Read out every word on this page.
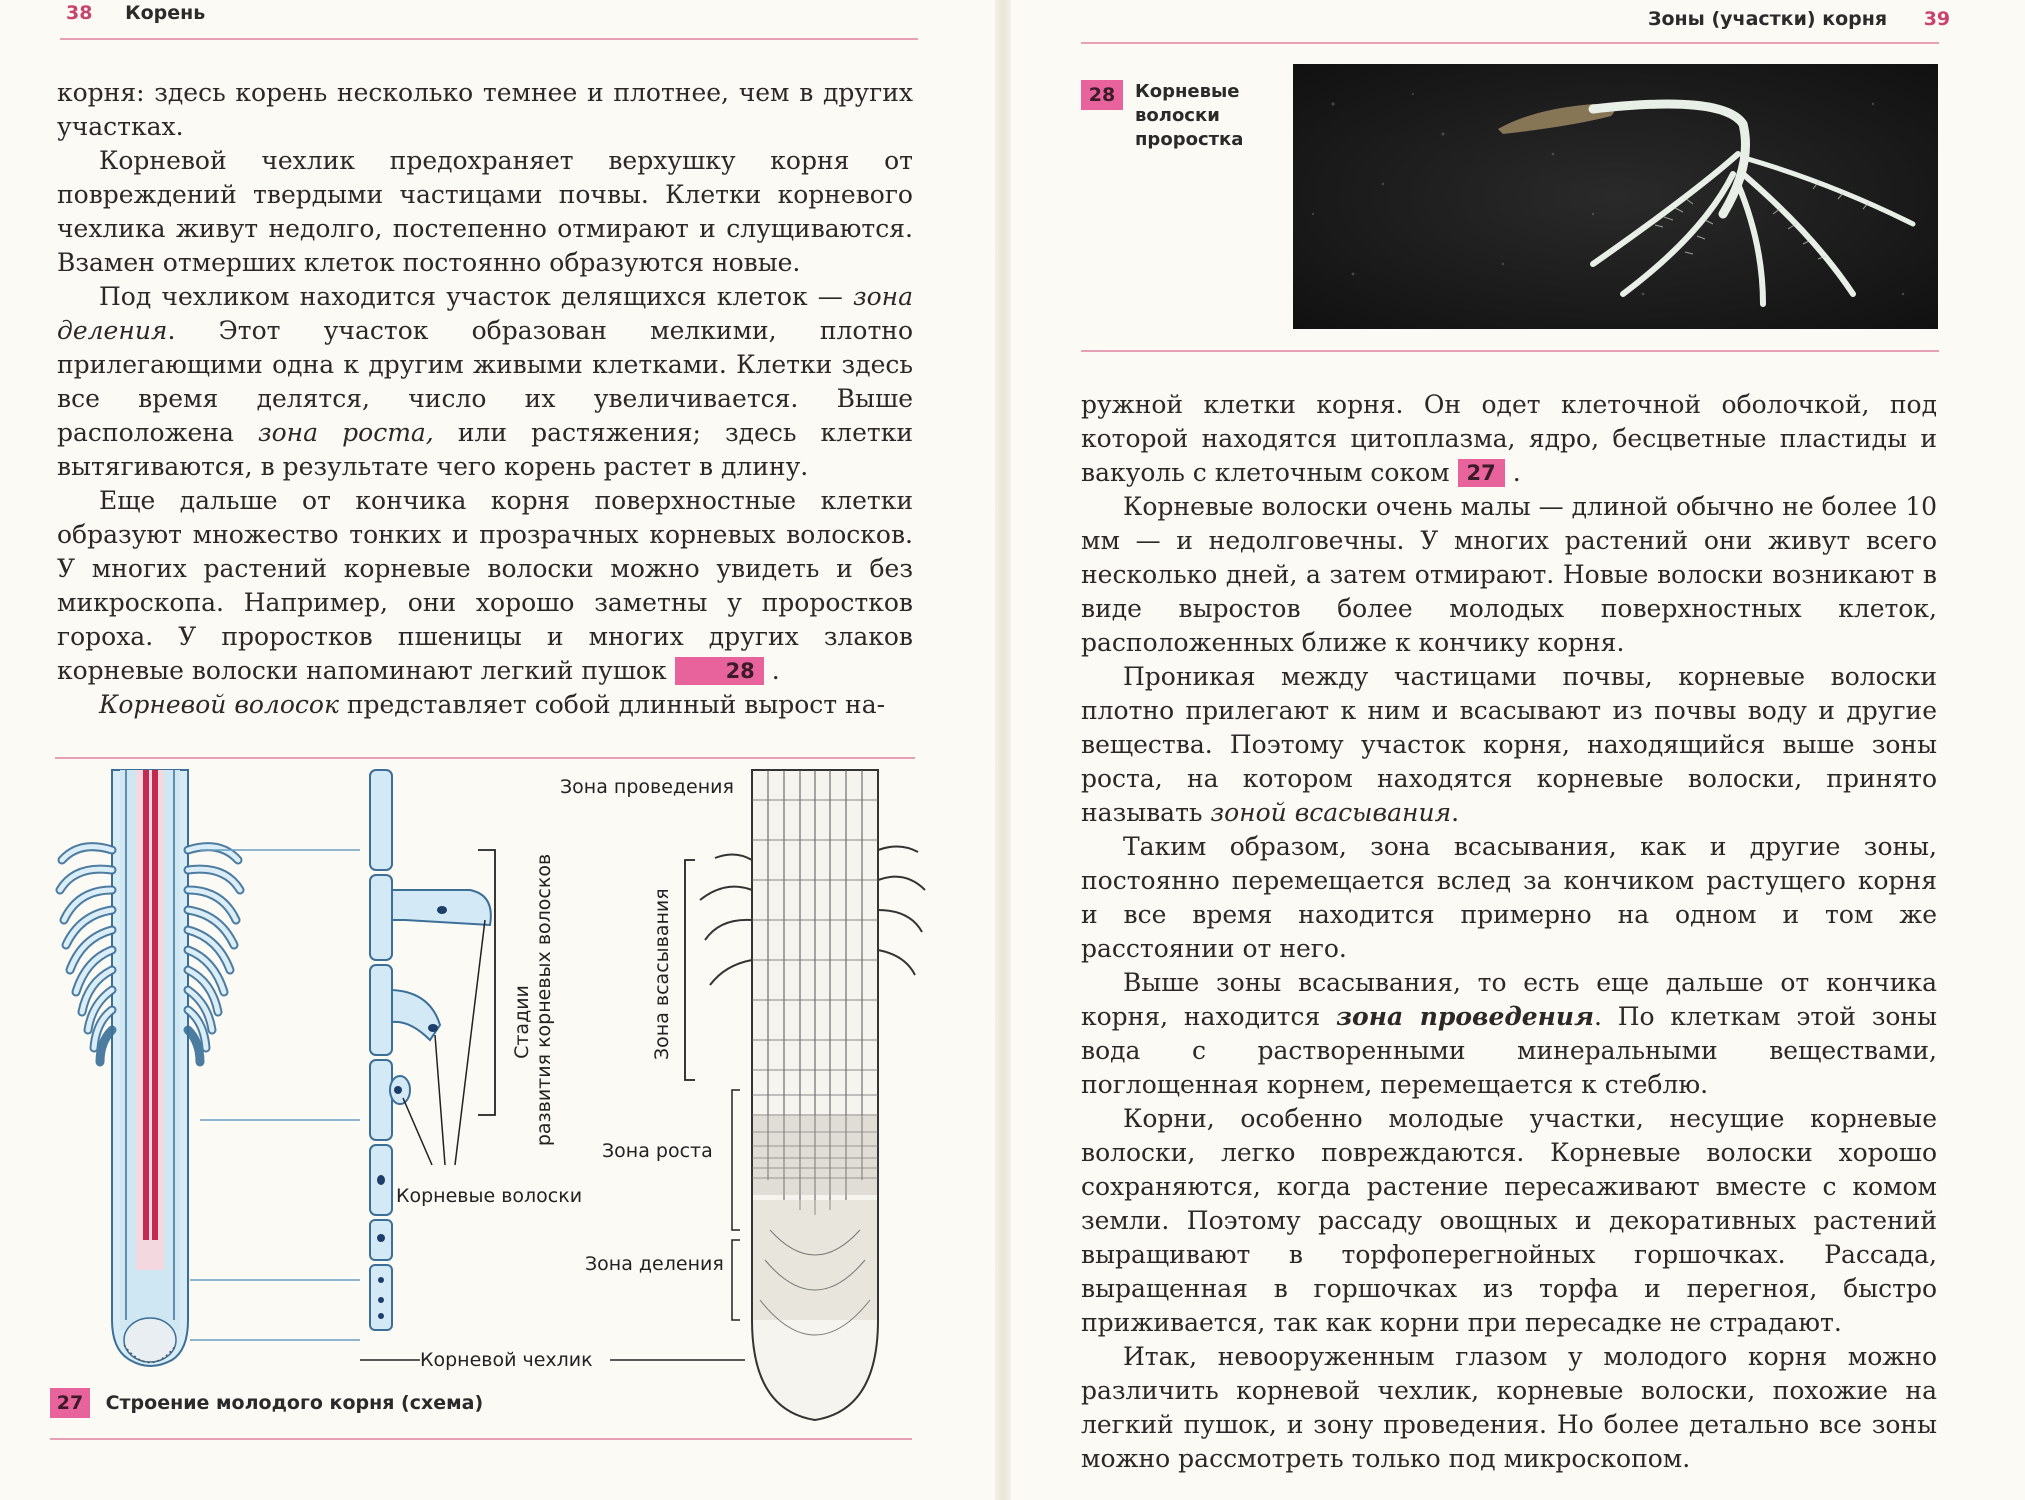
38 Корень

корня: здесь корень несколько темнее и плотнее, чем в других участках.

Корневой чехлик предохраняет верхушку корня от повреждений твердыми частицами почвы. Клетки корневого чехлика живут недолго, постепенно отмирают и слущиваются. Взамен отмерших клеток постоянно образуются новые.

Под чехликом находится участок делящихся клеток — зона деления. Этот участок образован мелкими, плотно прилегающими одна к другим живыми клетками. Клетки здесь все время делятся, число их увеличивается. Выше расположена зона роста, или растяжения; здесь клетки вытягиваются, в результате чего корень растет в длину.

Еще дальше от кончика корня поверхностные клетки образуют множество тонких и прозрачных корневых волосков. У многих растений корневые волоски можно увидеть и без микроскопа. Например, они хорошо заметны у проростков гороха. У проростков пшеницы и многих других злаков корневые волоски напоминают легкий пушок	28 .

Корневой волосок представляет собой длинный вырост на-

Зона проведения
Зона всасывания
Стадии развития корневых волосков
Зона роста
Зона деления
Корневые волоски
Корневой чехлик
27 Строение молодого корня (схема)
Зоны (участки) корня 39
28	Корневые волоски проростка

ружной клетки корня. Он одет клеточной оболочкой, под которой находятся цитоплазма, ядро, бесцветные пластиды и вакуоль с клеточным соком 27 .

Корневые волоски очень малы — длиной обычно не более 10 мм — и недолговечны. У многих растений они живут всего несколько дней, а затем отмирают. Новые волоски возникают в виде выростов более молодых поверхностных клеток, расположенных ближе к кончику корня.

Проникая между частицами почвы, корневые волоски плотно прилегают к ним и всасывают из почвы воду и другие вещества. Поэтому участок корня, находящийся выше зоны роста, на котором находятся корневые волоски, принято называть зоной всасывания.

Таким образом, зона всасывания, как и другие зоны, постоянно перемещается вслед за кончиком растущего корня и все время находится примерно на одном и том же расстоянии от него.

Выше зоны всасывания, то есть еще дальше от кончика корня, находится зона проведения. По клеткам этой зоны вода с растворенными минеральными веществами, поглощенная корнем, перемещается к стеблю.

Корни, особенно молодые участки, несущие корневые волоски, легко повреждаются. Корневые волоски хорошо сохраняются, когда растение пересаживают вместе с комом земли. Поэтому рассаду овощных и декоративных растений выращивают в торфоперегнойных горшочках. Рассада, выращенная в горшочках из торфа и перегноя, быстро приживается, так как корни при пересадке не страдают.

Итак, невооруженным глазом у молодого корня можно различить корневой чехлик, корневые волоски, похожие на легкий пушок, и зону проведения. Но более детально все зоны можно рассмотреть только под микроскопом.
